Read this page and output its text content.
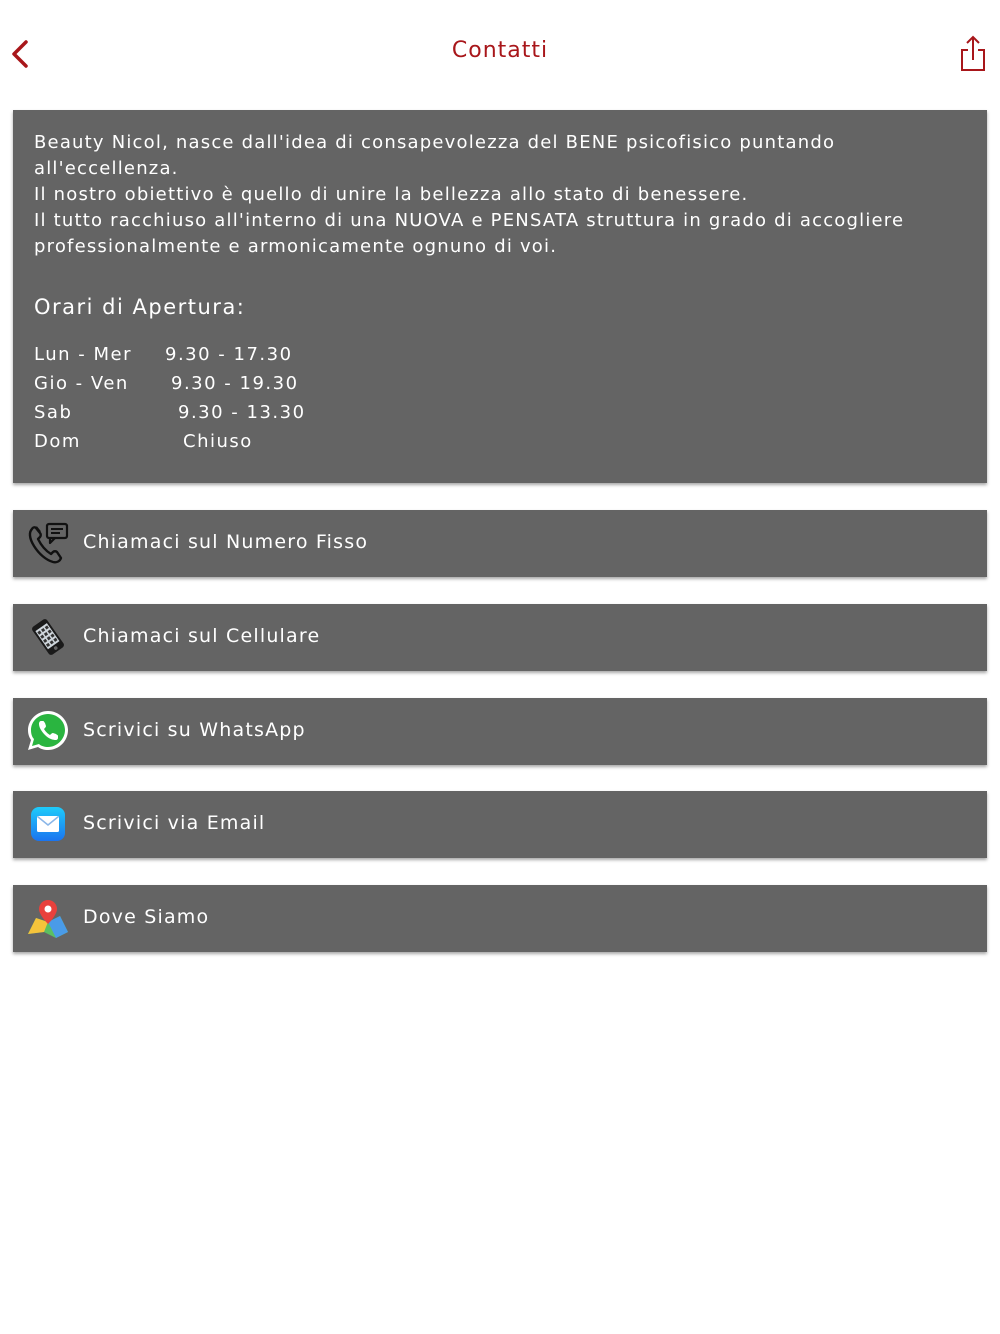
Contatti
Beauty Nicol, nasce dall'idea di consapevolezza del BENE psicofisico puntando
all'eccellenza.
Il nostro obiettivo è quello di unire la bellezza allo stato di benessere.
Il tutto racchiuso all'interno di una NUOVA e PENSATA struttura in grado di accogliere
professionalmente e armonicamente ognuno di voi.
Orari di Apertura:
Lun - Mer 9.30 - 17.30
Gio - Ven 9.30 - 19.30
Sab	9.30 - 13.30
Dom	Chiuso
Chiamaci sul Numero Fisso
Chiamaci sul Cellulare
Scrivici su WhatsApp
Scrivici via Email
Dove Siamo
